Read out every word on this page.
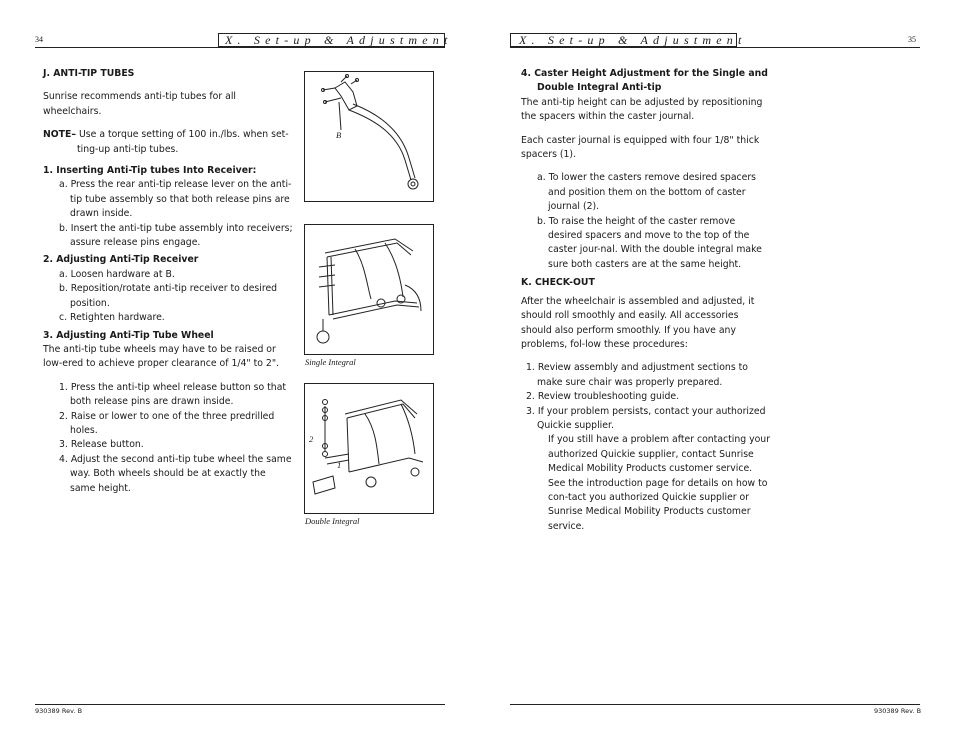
34	X. Set-up & Adjustment	X. Set-up & Adjustment	35

J. ANTI-TIP TUBES

Sunrise recommends anti-tip tubes for all wheelchairs.

NOTE– Use a torque setting of 100 in./lbs. when set-ting-up anti-tip tubes.

1. Inserting Anti-Tip tubes Into Receiver:

a. Press the rear anti-tip release lever on the anti-tip tube assembly so that both release pins are drawn inside.

b. Insert the anti-tip tube assembly into receivers; assure release pins engage.

2. Adjusting Anti-Tip Receiver

a. Loosen hardware at B.

b. Reposition/rotate anti-tip receiver to desired position.

c. Retighten hardware.

3. Adjusting Anti-Tip Tube Wheel

The anti-tip tube wheels may have to be raised or low-ered to achieve proper clearance of 1/4" to 2".

1. Press the anti-tip wheel release button so that both release pins are drawn inside.

2. Raise or lower to one of the three predrilled holes.

3. Release button.

4. Adjust the second anti-tip tube wheel the same way. Both wheels should be at exactly the same height.

B
Single Integral
2
1
Double Integral

4. Caster Height Adjustment for the Single and
Double Integral Anti-tip

The anti-tip height can be adjusted by repositioning the spacers within the caster journal.

Each caster journal is equipped with four 1/8" thick spacers (1).

a. To lower the casters remove desired spacers and position them on the bottom of caster journal (2).

b. To raise the height of the caster remove desired spacers and move to the top of the caster jour-nal. With the double integral make sure both casters are at the same height.

K. CHECK-OUT

After the wheelchair is assembled and adjusted, it should roll smoothly and easily. All accessories should also perform smoothly. If you have any problems, fol-low these procedures:

1. Review assembly and adjustment sections to make sure chair was properly prepared.

2. Review troubleshooting guide.

3. If your problem persists, contact your authorized Quickie supplier.

If you still have a problem after contacting your authorized Quickie supplier, contact Sunrise Medical Mobility Products customer service. See the introduction page for details on how to con-tact you authorized Quickie supplier or Sunrise Medical Mobility Products customer service.

930389 Rev. B	930389 Rev. B
